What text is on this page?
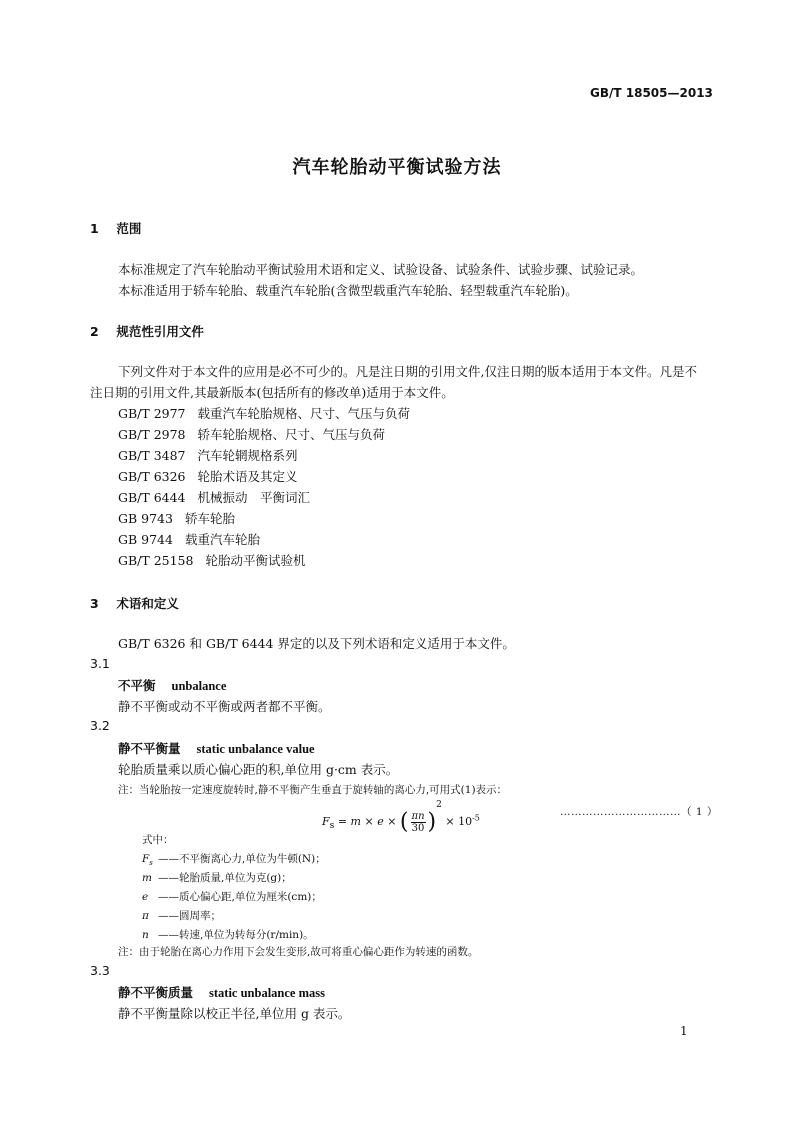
GB/T 18505—2013
汽车轮胎动平衡试验方法
1 范围
本标准规定了汽车轮胎动平衡试验用术语和定义、试验设备、试验条件、试验步骤、试验记录。
本标准适用于轿车轮胎、载重汽车轮胎(含微型载重汽车轮胎、轻型载重汽车轮胎)。
2 规范性引用文件
下列文件对于本文件的应用是必不可少的。凡是注日期的引用文件,仅注日期的版本适用于本文件。凡是不注日期的引用文件,其最新版本(包括所有的修改单)适用于本文件。
GB/T 2977 载重汽车轮胎规格、尺寸、气压与负荷
GB/T 2978 轿车轮胎规格、尺寸、气压与负荷
GB/T 3487 汽车轮辋规格系列
GB/T 6326 轮胎术语及其定义
GB/T 6444 机械振动　平衡词汇
GB 9743 轿车轮胎
GB 9744 载重汽车轮胎
GB/T 25158 轮胎动平衡试验机
3 术语和定义
GB/T 6326 和 GB/T 6444 界定的以及下列术语和定义适用于本文件。
3.1
不平衡 unbalance
静不平衡或动不平衡或两者都不平衡。
3.2
静不平衡量 static unbalance value
轮胎质量乘以质心偏心距的积,单位用 g·cm 表示。
注：当轮胎按一定速度旋转时,静不平衡产生垂直于旋转轴的离心力,可用式(1)表示：
$F_s = m \times e$ × ( $\frac{\pi n}{30} )^2 \times 10^{-5}$	……………………………（ 1 ）
式中：
$F_s$ ——不平衡离心力,单位为牛顿(N)；
m ——轮胎质量,单位为克(g)；
e ——质心偏心距,单位为厘米(cm)；
π ——圆周率；
n ——转速,单位为转每分(r/min)。
注：由于轮胎在离心力作用下会发生变形,故可将重心偏心距作为转速的函数。
3.3
静不平衡质量 static unbalance mass
静不平衡量除以校正半径,单位用 g 表示。
1
